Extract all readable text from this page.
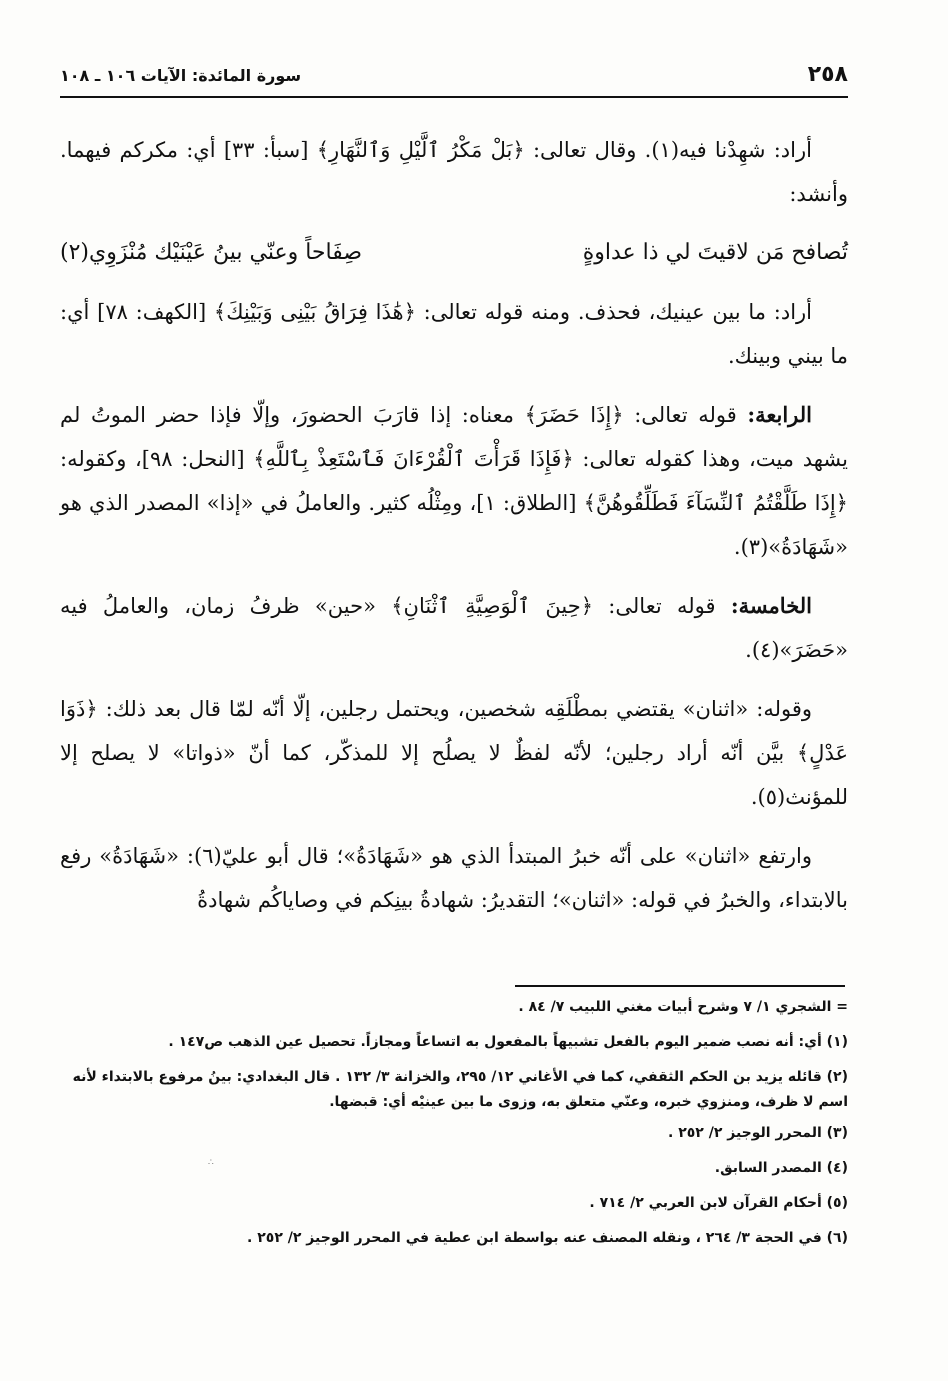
٢٥٨
سورة المائدة: الآيات ١٠٦ ـ ١٠٨

أراد: شهِدْنا فيه(١). وقال تعالى: ﴿بَلْ مَكْرُ ٱلَّيْلِ وَٱلنَّهَارِ﴾ [سبأ: ٣٣] أي: مكركم فيهما. وأنشد:

تُصافح مَن لاقيتَ لي ذا عداوةٍ
صِفَاحاً وعنّي بينُ عَيْنَيْك مُنْزَوِي(٢)

أراد: ما بين عينيك، فحذف. ومنه قوله تعالى: ﴿هَٰذَا فِرَاقُ بَيْنِى وَبَيْنِكَ﴾ [الكهف: ٧٨] أي: ما بيني وبينك.

الرابعة: قوله تعالى: ﴿إِذَا حَضَرَ﴾ معناه: إذا قارَبَ الحضورَ، وإلّا فإذا حضر الموتُ لم يشهد ميت، وهذا كقوله تعالى: ﴿فَإِذَا قَرَأْتَ ٱلْقُرْءَانَ فَٱسْتَعِذْ بِٱللَّهِ﴾ [النحل: ٩٨]، وكقوله: ﴿إِذَا طَلَّقْتُمُ ٱلنِّسَآءَ فَطَلِّقُوهُنَّ﴾ [الطلاق: ١]، ومِثْلُه كثير. والعاملُ في «إذا» المصدر الذي هو «شَهَادَةُ»(٣).

الخامسة: قوله تعالى: ﴿حِينَ ٱلْوَصِيَّةِ ٱثْنَانِ﴾ «حين» ظرفُ زمان، والعاملُ فيه «حَضَرَ»(٤).

وقوله: «اثنان» يقتضي بمطْلَقِه شخصين، ويحتمل رجلين، إلّا أنّه لمّا قال بعد ذلك: ﴿ذَوَا عَدْلٍ﴾ بيَّن أنّه أراد رجلين؛ لأنّه لفظٌ لا يصلُح إلا للمذكّر، كما أنّ «ذواتا» لا يصلح إلا للمؤنث(٥).

وارتفع «اثنان» على أنّه خبرُ المبتدأ الذي هو «شَهَادَةُ»؛ قال أبو عليّ(٦): «شَهَادَةُ» رفع بالابتداء، والخبرُ في قوله: «اثنان»؛ التقديرُ: شهادةُ بينِكم في وصاياكُم شهادةُ

= الشجري ١/ ٧ وشرح أبيات مغني اللبيب ٧/ ٨٤ .

(١) أي: أنه نصب ضمير اليوم بالفعل تشبيهاً بالمفعول به اتساعاً ومجازاً. تحصيل عين الذهب ص١٤٧ .

(٢) قائله يزيد بن الحكم الثقفي، كما في الأغاني ١٢/ ٢٩٥، والخزانة ٣/ ١٣٢ . قال البغدادي: بينُ مرفوع بالابتداء لأنه اسم لا ظرف، ومنزوي خبره، وعنّي متعلق به، وزوى ما بين عينيْه أي: قبضها.

(٣) المحرر الوجيز ٢/ ٢٥٢ .

(٤) المصدر السابق.

(٥) أحكام القرآن لابن العربي ٢/ ٧١٤ .

(٦) في الحجة ٣/ ٢٦٤ ، ونقله المصنف عنه بواسطة ابن عطية في المحرر الوجيز ٢/ ٢٥٢ .

∴
